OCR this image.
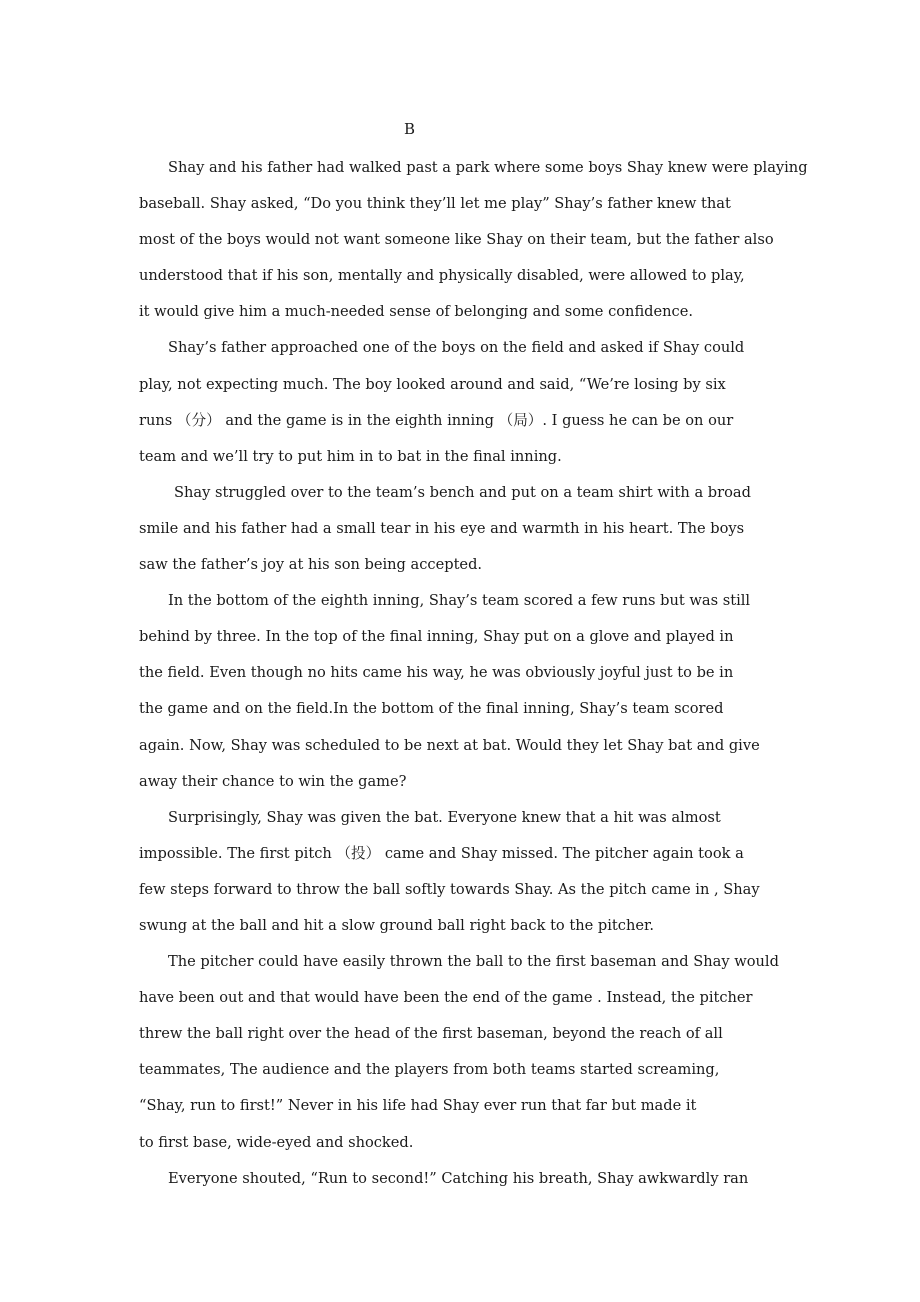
B
Shay and his father had walked past a park where some boys Shay knew were playing
baseball. Shay asked, “Do you think they’ll let me play” Shay’s father knew that
most of the boys would not want someone like Shay on their team, but the father also
understood that if his son, mentally and physically disabled, were allowed to play,
it would give him a much-needed sense of belonging and some confidence.
Shay’s father approached one of the boys on the field and asked if Shay could
play, not expecting much. The boy looked around and said, “We’re losing by six
runs （分） and the game is in the eighth inning （局）. I guess he can be on our
team and we’ll try to put him in to bat in the final inning.
Shay struggled over to the team’s bench and put on a team shirt with a broad
smile and his father had a small tear in his eye and warmth in his heart. The boys
saw the father’s joy at his son being accepted.
In the bottom of the eighth inning, Shay’s team scored a few runs but was still
behind by three. In the top of the final inning, Shay put on a glove and played in
the field. Even though no hits came his way, he was obviously joyful just to be in
the game and on the field.In the bottom of the final inning, Shay’s team scored
again. Now, Shay was scheduled to be next at bat. Would they let Shay bat and give
away their chance to win the game?
Surprisingly, Shay was given the bat. Everyone knew that a hit was almost
impossible. The first pitch （投） came and Shay missed. The pitcher again took a
few steps forward to throw the ball softly towards Shay. As the pitch came in , Shay
swung at the ball and hit a slow ground ball right back to the pitcher.
The pitcher could have easily thrown the ball to the first baseman and Shay would
have been out and that would have been the end of the game . Instead, the pitcher
threw the ball right over the head of the first baseman, beyond the reach of all
teammates, The audience and the players from both teams started screaming,
“Shay, run to first!” Never in his life had Shay ever run that far but made it
to first base, wide-eyed and shocked.
Everyone shouted, “Run to second!” Catching his breath, Shay awkwardly ran
